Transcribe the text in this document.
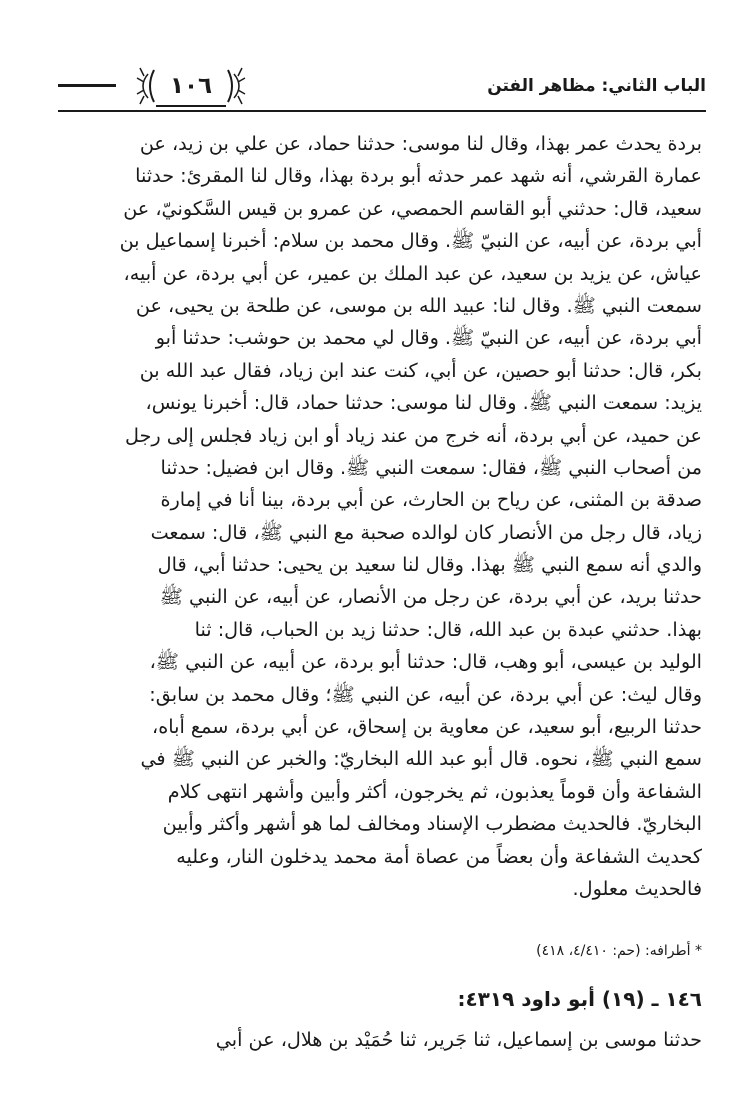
الباب الثاني: مظاهر الفتن
١٠٦
بردة يحدث عمر بهذا، وقال لنا موسى: حدثنا حماد، عن علي بن زيد، عن
عمارة القرشي، أنه شهد عمر حدثه أبو بردة بهذا، وقال لنا المقرئ: حدثنا
سعيد، قال: حدثني أبو القاسم الحمصي، عن عمرو بن قيس السَّكونيّ، عن
أبي بردة، عن أبيه، عن النبيّ ﷺ. وقال محمد بن سلام: أخبرنا إسماعيل بن
عياش، عن يزيد بن سعيد، عن عبد الملك بن عمير، عن أبي بردة، عن أبيه،
سمعت النبي ﷺ. وقال لنا: عبيد الله بن موسى، عن طلحة بن يحيى، عن
أبي بردة، عن أبيه، عن النبيّ ﷺ. وقال لي محمد بن حوشب: حدثنا أبو
بكر، قال: حدثنا أبو حصين، عن أبي، كنت عند ابن زياد، فقال عبد الله بن
يزيد: سمعت النبي ﷺ. وقال لنا موسى: حدثنا حماد، قال: أخبرنا يونس،
عن حميد، عن أبي بردة، أنه خرج من عند زياد أو ابن زياد فجلس إلى رجل
من أصحاب النبي ﷺ، فقال: سمعت النبي ﷺ. وقال ابن فضيل: حدثنا
صدقة بن المثنى، عن رياح بن الحارث، عن أبي بردة، بينا أنا في إمارة
زياد، قال رجل من الأنصار كان لوالده صحبة مع النبي ﷺ، قال: سمعت
والدي أنه سمع النبي ﷺ بهذا. وقال لنا سعيد بن يحيى: حدثنا أبي، قال
حدثنا بريد، عن أبي بردة، عن رجل من الأنصار، عن أبيه، عن النبي ﷺ
بهذا. حدثني عبدة بن عبد الله، قال: حدثنا زيد بن الحباب، قال: ثنا
الوليد بن عيسى، أبو وهب، قال: حدثنا أبو بردة، عن أبيه، عن النبي ﷺ،
وقال ليث: عن أبي بردة، عن أبيه، عن النبي ﷺ؛ وقال محمد بن سابق:
حدثنا الربيع، أبو سعيد، عن معاوية بن إسحاق، عن أبي بردة، سمع أباه،
سمع النبي ﷺ، نحوه. قال أبو عبد الله البخاريّ: والخبر عن النبي ﷺ في
الشفاعة وأن قوماً يعذبون، ثم يخرجون، أكثر وأبين وأشهر انتهى كلام
البخاريّ. فالحديث مضطرب الإسناد ومخالف لما هو أشهر وأكثر وأبين
كحديث الشفاعة وأن بعضاً من عصاة أمة محمد يدخلون النار، وعليه
فالحديث معلول.
* أطرافه: (حم: ٤/٤١٠، ٤١٨)
١٤٦ ـ (١٩) أبو داود ٤٣١٩:
حدثنا موسى بن إسماعيل، ثنا جَرير، ثنا حُمَيْد بن هلال، عن أبي
